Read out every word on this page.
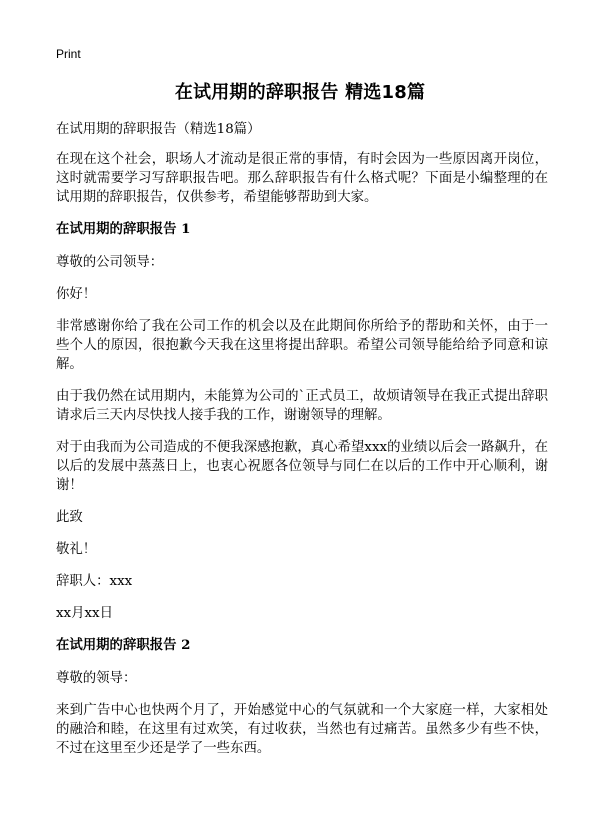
Print
在试用期的辞职报告 精选18篇

在试用期的辞职报告（精选18篇）

在现在这个社会，职场人才流动是很正常的事情，有时会因为一些原因离开岗位，这时就需要学习写辞职报告吧。那么辞职报告有什么格式呢？下面是小编整理的在试用期的辞职报告，仅供参考，希望能够帮助到大家。

在试用期的辞职报告 1

尊敬的公司领导：

你好！

非常感谢你给了我在公司工作的机会以及在此期间你所给予的帮助和关怀，由于一些个人的原因，很抱歉今天我在这里将提出辞职。希望公司领导能给给予同意和谅解。

由于我仍然在试用期内，未能算为公司的`正式员工，故烦请领导在我正式提出辞职请求后三天内尽快找人接手我的工作，谢谢领导的理解。

对于由我而为公司造成的不便我深感抱歉，真心希望xxx的业绩以后会一路飙升，在以后的发展中蒸蒸日上，也衷心祝愿各位领导与同仁在以后的工作中开心顺利，谢谢！

此致

敬礼！

辞职人：xxx

xx月xx日

在试用期的辞职报告 2

尊敬的领导：

来到广告中心也快两个月了，开始感觉中心的气氛就和一个大家庭一样，大家相处的融洽和睦，在这里有过欢笑，有过收获，当然也有过痛苦。虽然多少有些不快，不过在这里至少还是学了一些东西。
